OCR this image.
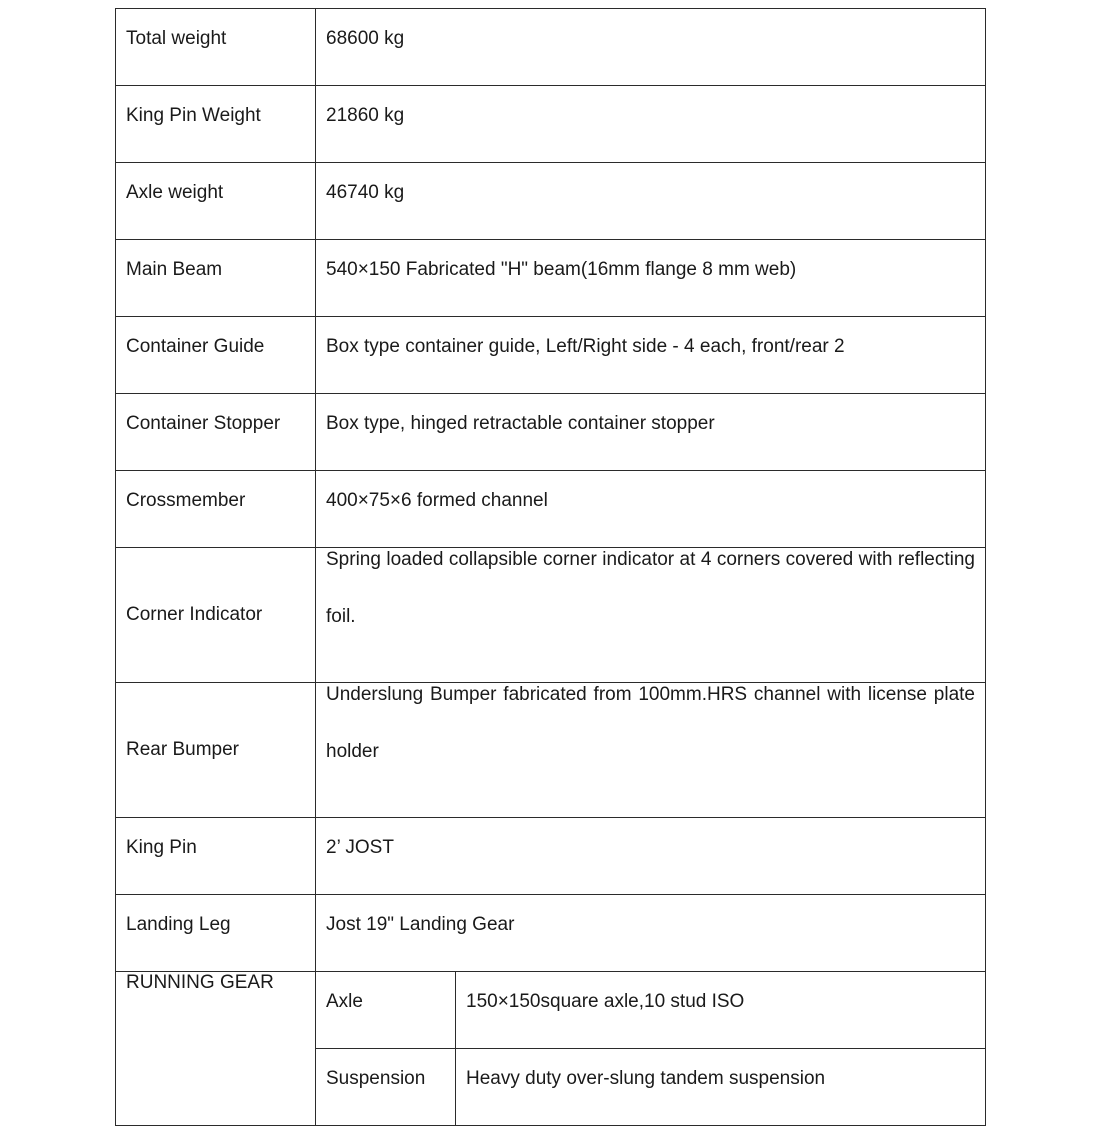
Total weight	68600 kg	
King Pin Weight	21860 kg	
Axle weight	46740 kg	
Main Beam	540×150 Fabricated "H" beam(16mm flange 8 mm web)	
Container Guide	Box type container guide, Left/Right side - 4 each, front/rear 2	
Container Stopper	Box type, hinged retractable container stopper	
Crossmember	400×75×6 formed channel	
Corner Indicator	Spring loaded collapsible corner indicator at 4 corners covered with reflecting foil.	

Rear Bumper	Underslung Bumper fabricated from 100mm.HRS channel with license plate holder	

King Pin	2’ JOST	
Landing Leg	Jost 19" Landing Gear	
RUNNING GEAR	Axle	150×150square axle,10 stud ISO
	Suspension	Heavy duty over-slung tandem suspension
